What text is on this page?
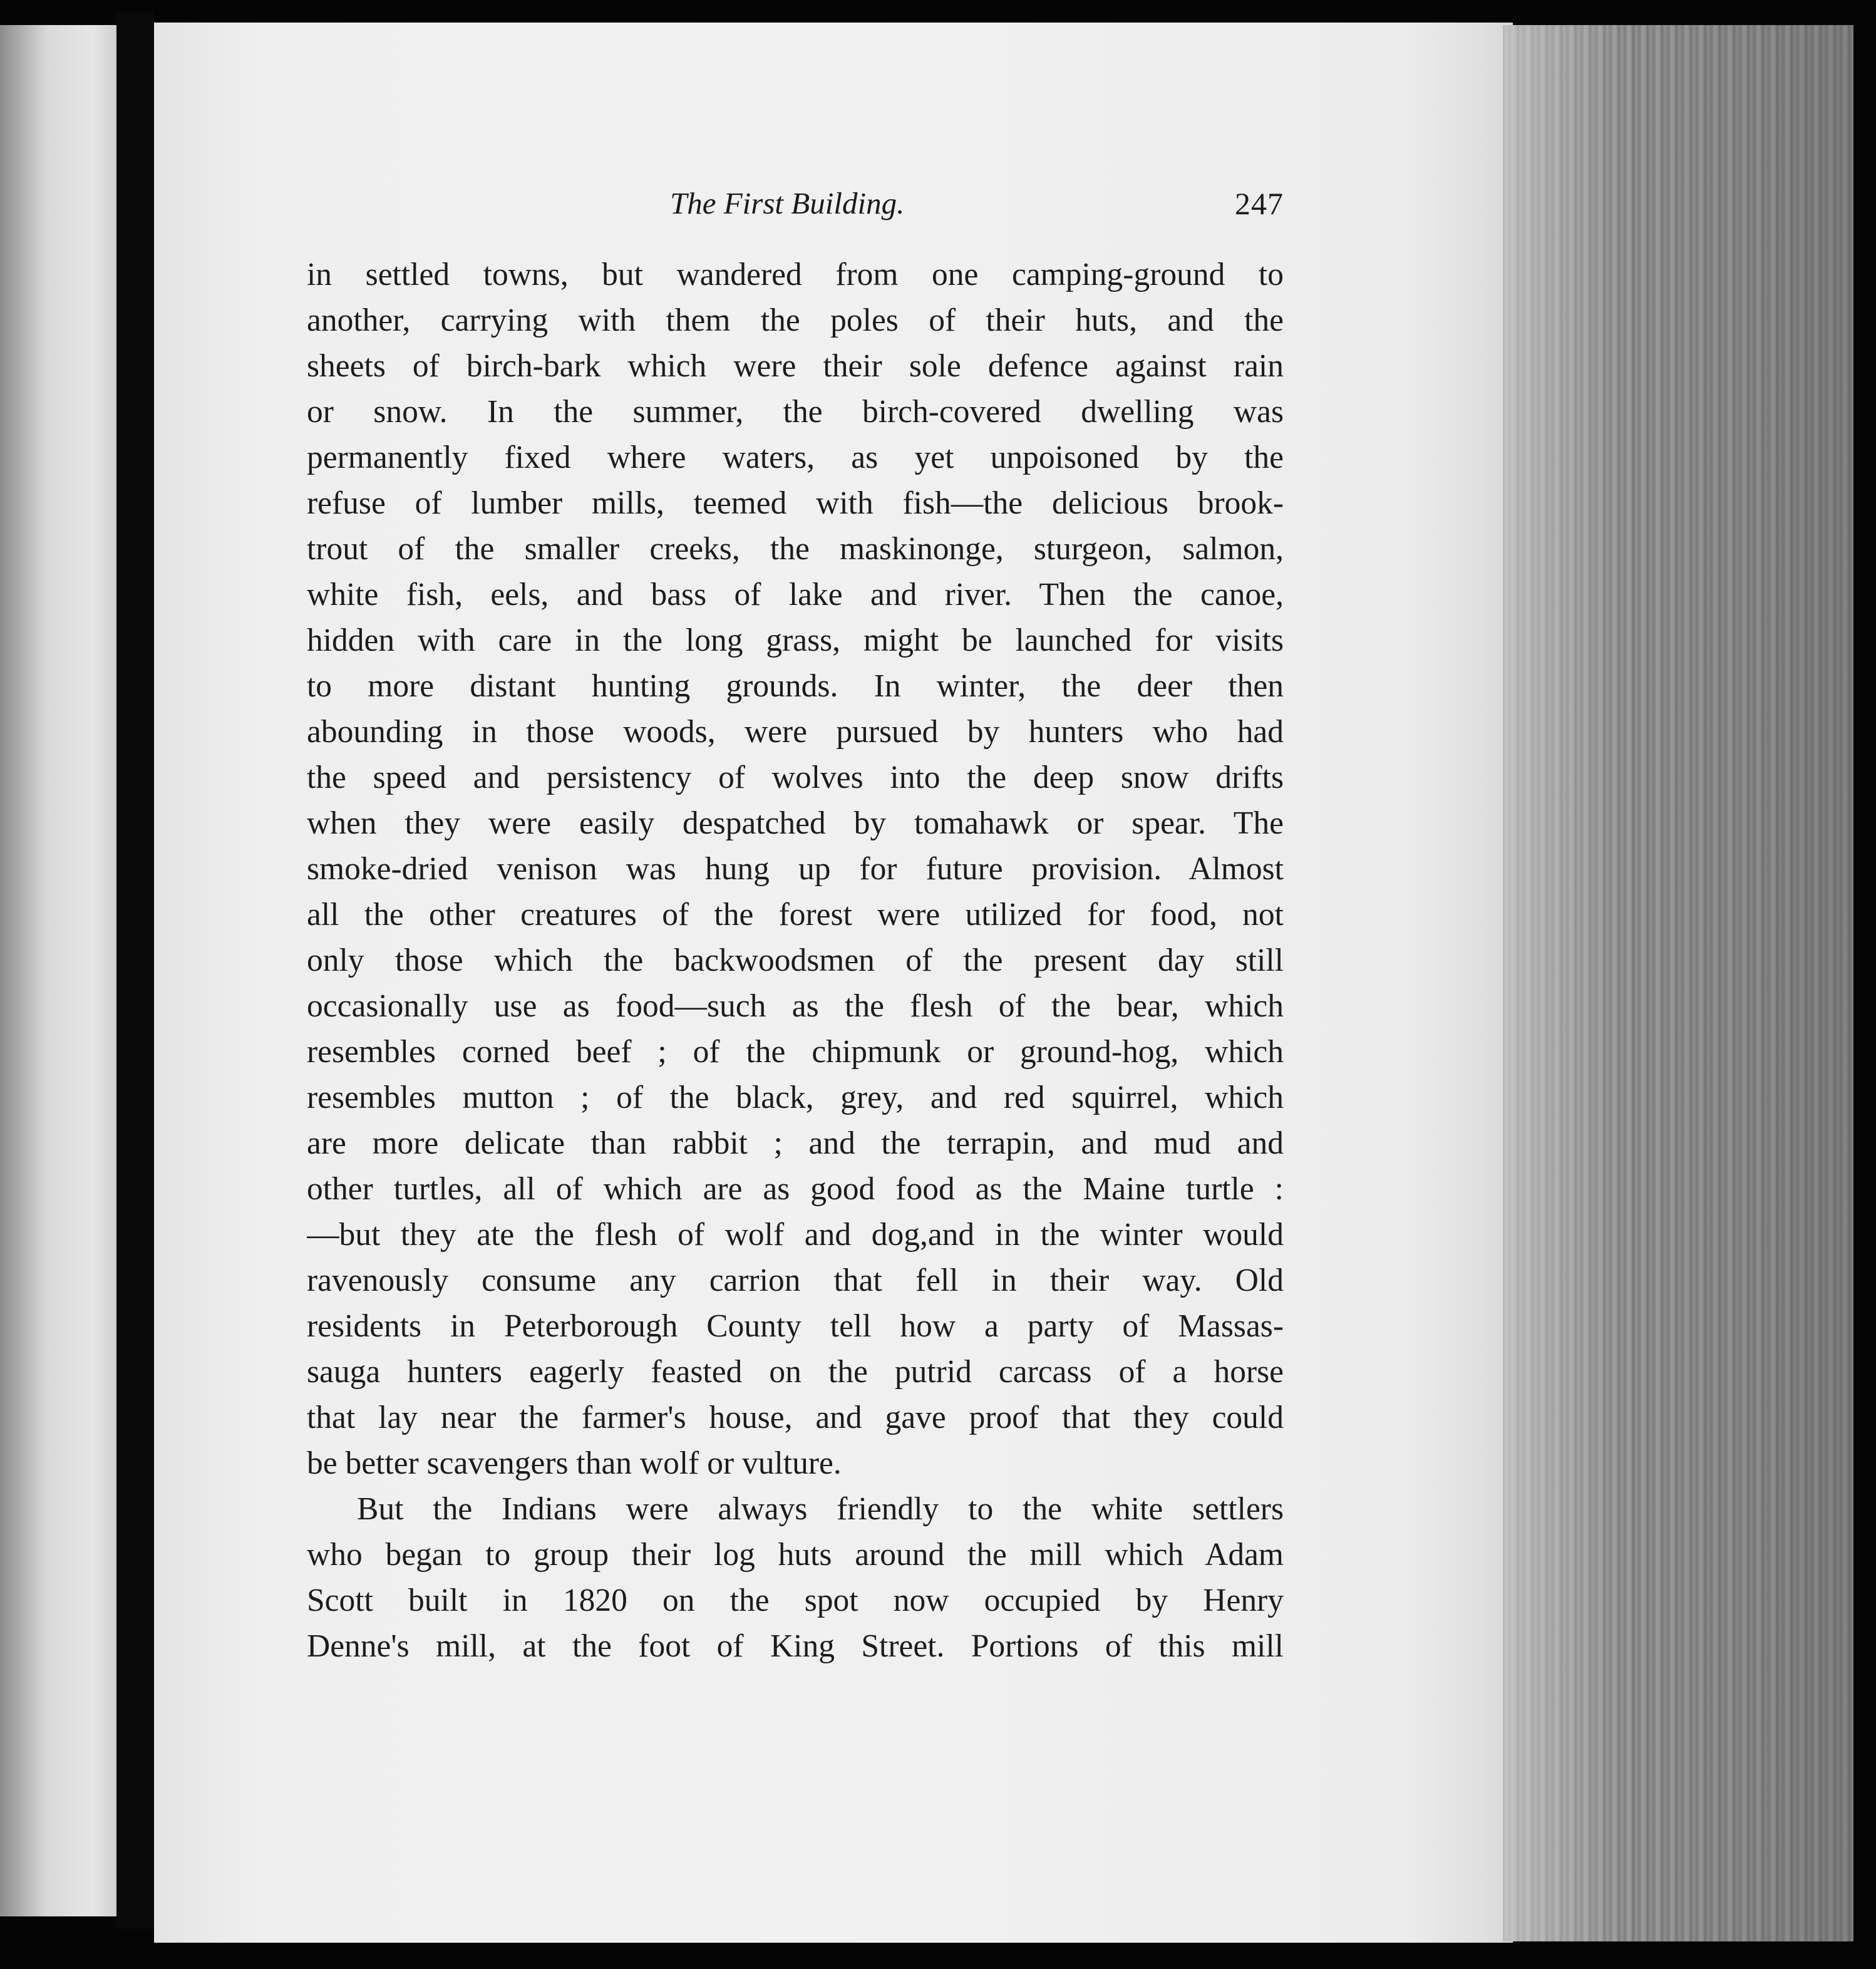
The First Building.	247
in settled towns, but wandered from one camping-ground to
another, carrying with them the poles of their huts, and the
sheets of birch-bark which were their sole defence against rain
or snow. In the summer, the birch-covered dwelling was
permanently fixed where waters, as yet unpoisoned by the
refuse of lumber mills, teemed with fish—the delicious brook-
trout of the smaller creeks, the maskinonge, sturgeon, salmon,
white fish, eels, and bass of lake and river. Then the canoe,
hidden with care in the long grass, might be launched for visits
to more distant hunting grounds. In winter, the deer then
abounding in those woods, were pursued by hunters who had
the speed and persistency of wolves into the deep snow drifts
when they were easily despatched by tomahawk or spear. The
smoke-dried venison was hung up for future provision. Almost
all the other creatures of the forest were utilized for food, not
only those which the backwoodsmen of the present day still
occasionally use as food—such as the flesh of the bear, which
resembles corned beef ; of the chipmunk or ground-hog, which
resembles mutton ; of the black, grey, and red squirrel, which
are more delicate than rabbit ; and the terrapin, and mud and
other turtles, all of which are as good food as the Maine turtle :
—but they ate the flesh of wolf and dog,and in the winter would
ravenously consume any carrion that fell in their way. Old
residents in Peterborough County tell how a party of Massas-
sauga hunters eagerly feasted on the putrid carcass of a horse
that lay near the farmer's house, and gave proof that they could
be better scavengers than wolf or vulture.
But the Indians were always friendly to the white settlers
who began to group their log huts around the mill which Adam
Scott built in 1820 on the spot now occupied by Henry
Denne's mill, at the foot of King Street. Portions of this mill
